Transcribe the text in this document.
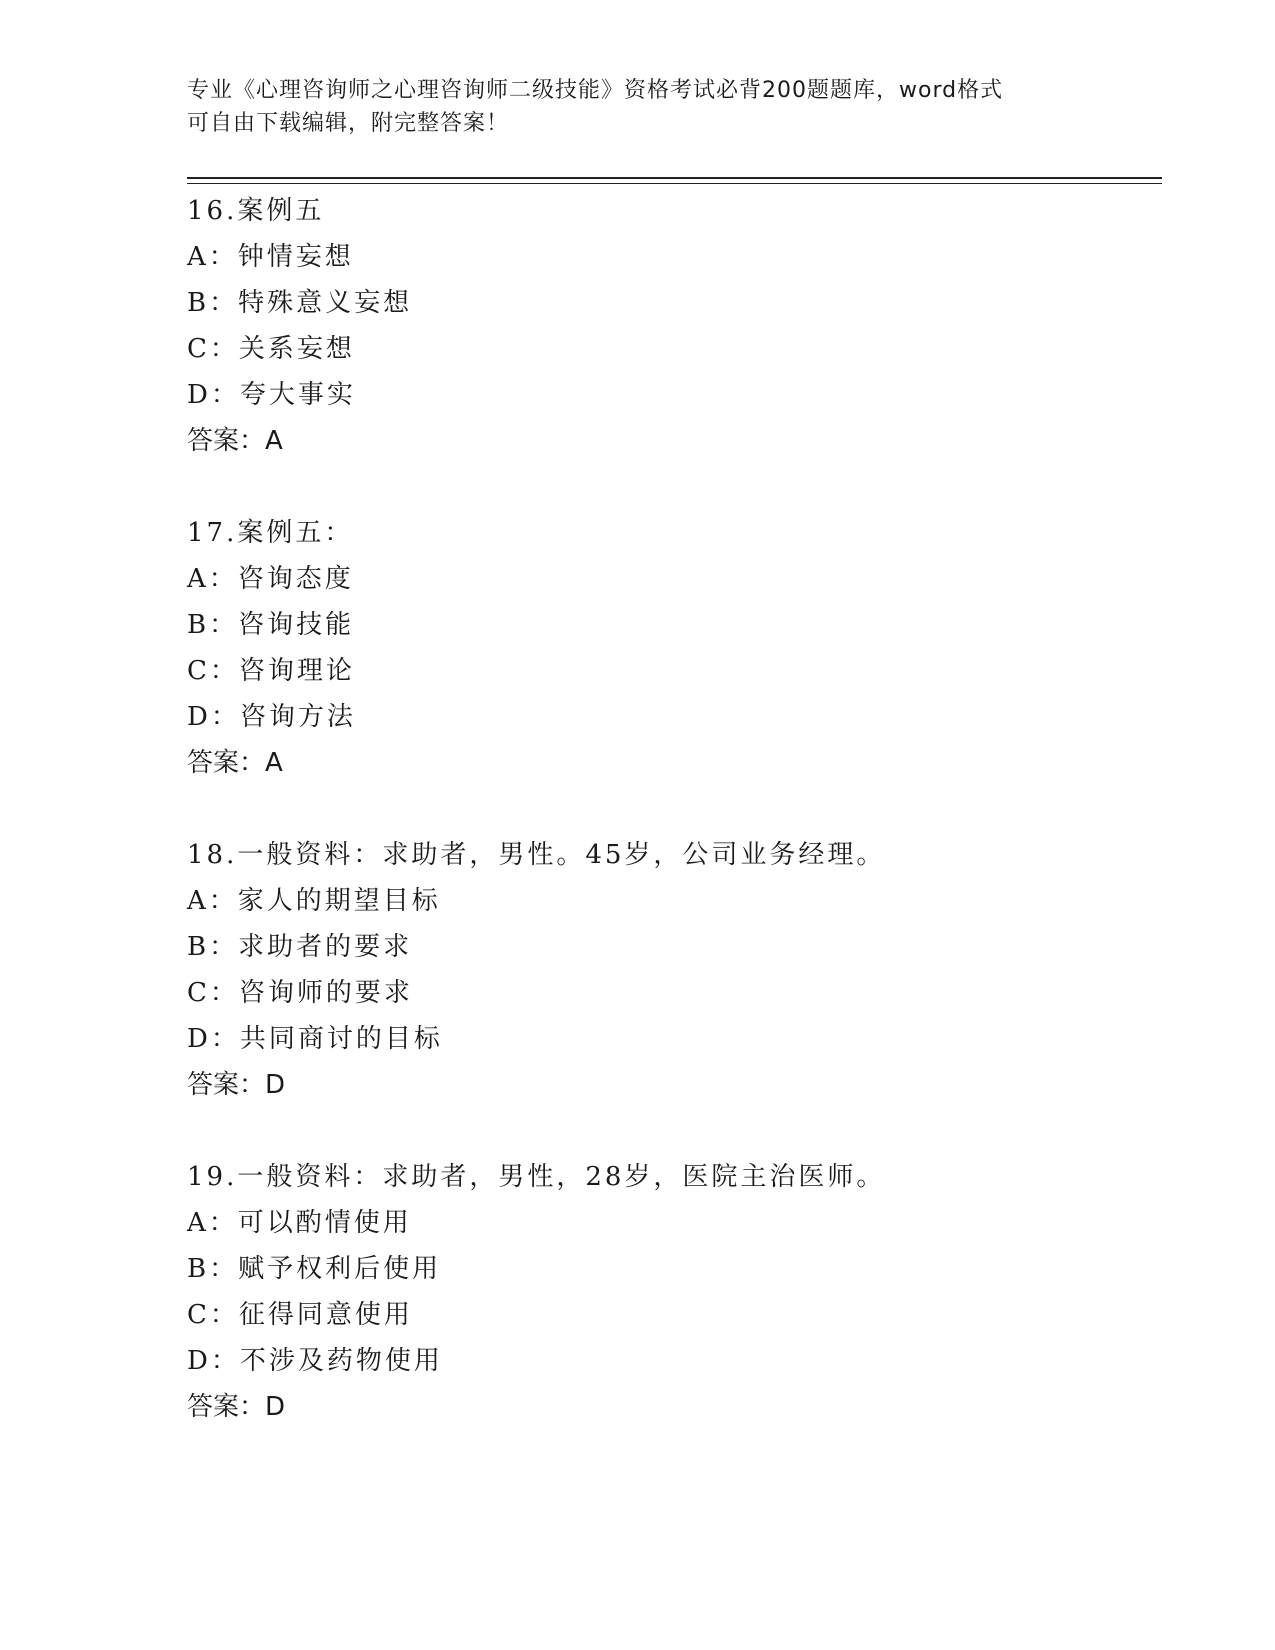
专业《心理咨询师之心理咨询师二级技能》资格考试必背200题题库，word格式
可自由下载编辑，附完整答案！
16.案例五
A：钟情妄想
B：特殊意义妄想
C：关系妄想
D：夸大事实
答案：A
17.案例五：
A：咨询态度
B：咨询技能
C：咨询理论
D：咨询方法
答案：A
18.一般资料：求助者，男性。45岁，公司业务经理。
A：家人的期望目标
B：求助者的要求
C：咨询师的要求
D：共同商讨的目标
答案：D
19.一般资料：求助者，男性，28岁，医院主治医师。
A：可以酌情使用
B：赋予权利后使用
C：征得同意使用
D：不涉及药物使用
答案：D
